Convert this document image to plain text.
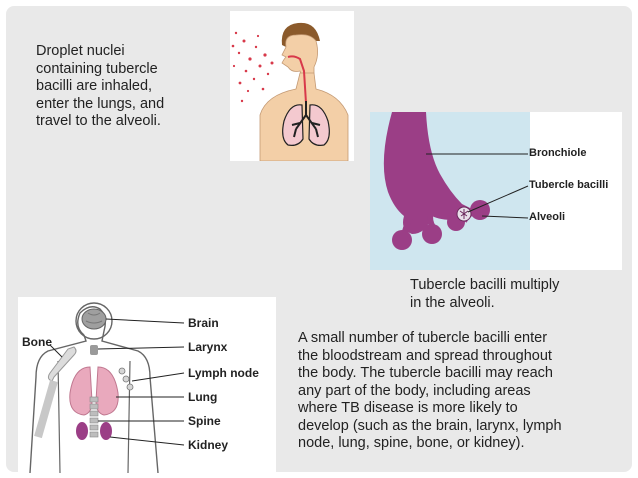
Droplet nuclei
containing tubercle
bacilli are inhaled,
enter the lungs, and
travel to the alveoli.
Bronchiole
Tubercle bacilli
Alveoli
Tubercle bacilli multiply
in the alveoli.
Bone
Brain
Larynx
Lymph node
Lung
Spine
Kidney
A small number of tubercle bacilli enter
the bloodstream and spread throughout
the body. The tubercle bacilli may reach
any part of the body, including areas
where TB disease is more likely to
develop (such as the brain, larynx, lymph
node, lung, spine, bone, or kidney).
